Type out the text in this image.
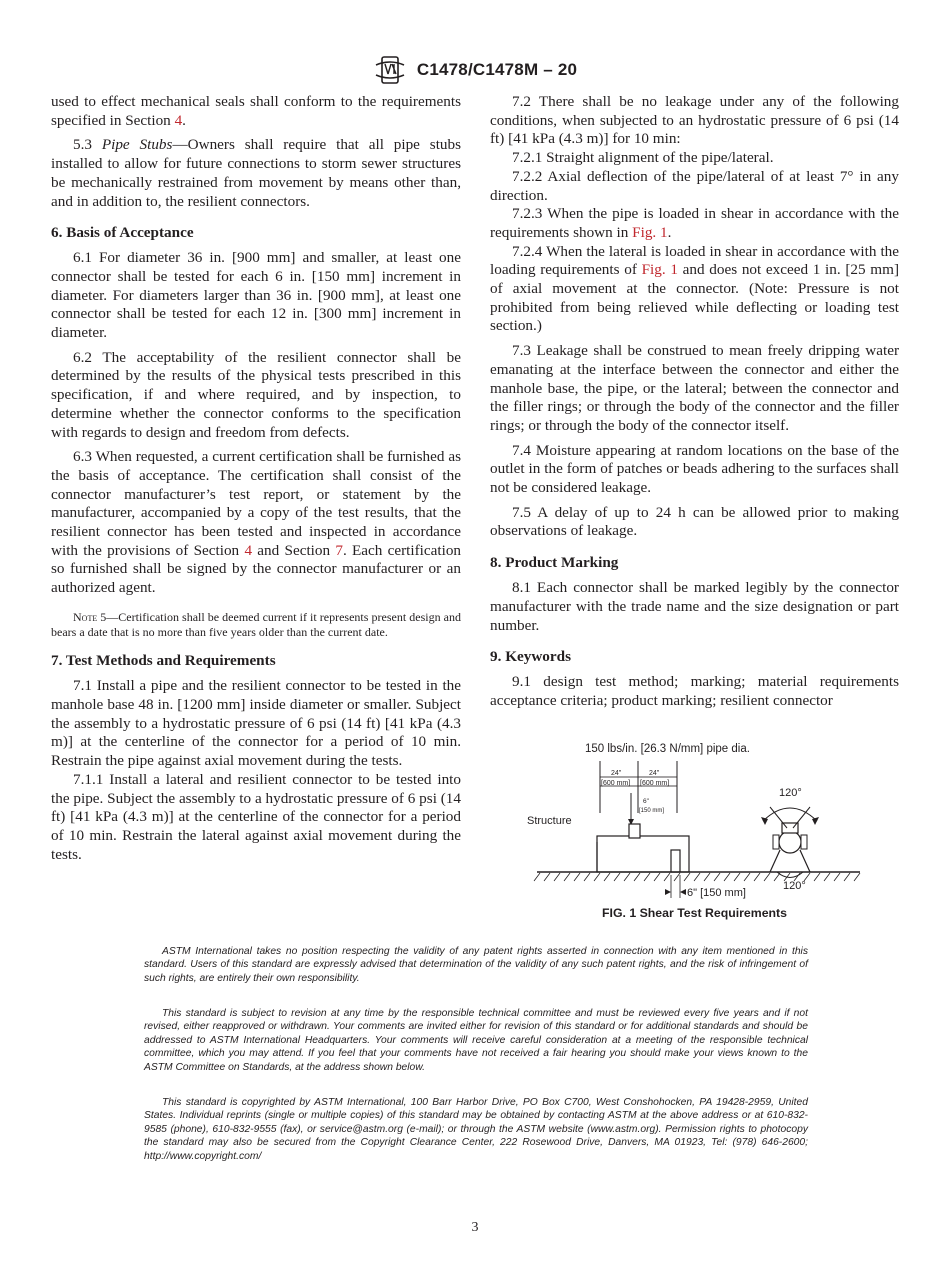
C1478/C1478M – 20

used to effect mechanical seals shall conform to the requirements specified in Section 4.

5.3 Pipe Stubs—Owners shall require that all pipe stubs installed to allow for future connections to storm sewer structures be mechanically restrained from movement by means other than, and in addition to, the resilient connectors.

6. Basis of Acceptance

6.1 For diameter 36 in. [900 mm] and smaller, at least one connector shall be tested for each 6 in. [150 mm] increment in diameter. For diameters larger than 36 in. [900 mm], at least one connector shall be tested for each 12 in. [300 mm] increment in diameter.

6.2 The acceptability of the resilient connector shall be determined by the results of the physical tests prescribed in this specification, if and where required, and by inspection, to determine whether the connector conforms to the specification with regards to design and freedom from defects.

6.3 When requested, a current certification shall be furnished as the basis of acceptance. The certification shall consist of the connector manufacturer’s test report, or statement by the manufacturer, accompanied by a copy of the test results, that the resilient connector has been tested and inspected in accordance with the provisions of Section 4 and Section 7. Each certification so furnished shall be signed by the connector manufacturer or an authorized agent.

Note 5—Certification shall be deemed current if it represents present design and bears a date that is no more than five years older than the current date.
7. Test Methods and Requirements

7.1 Install a pipe and the resilient connector to be tested in the manhole base 48 in. [1200 mm] inside diameter or smaller. Subject the assembly to a hydrostatic pressure of 6 psi (14 ft) [41 kPa (4.3 m)] at the centerline of the connector for a period of 10 min. Restrain the pipe against axial movement during the tests.

7.1.1 Install a lateral and resilient connector to be tested into the pipe. Subject the assembly to a hydrostatic pressure of 6 psi (14 ft) [41 kPa (4.3 m)] at the centerline of the connector for a period of 10 min. Restrain the lateral against axial movement during the tests.

7.2 There shall be no leakage under any of the following conditions, when subjected to an hydrostatic pressure of 6 psi (14 ft) [41 kPa (4.3 m)] for 10 min:

7.2.1 Straight alignment of the pipe/lateral.

7.2.2 Axial deflection of the pipe/lateral of at least 7° in any direction.

7.2.3 When the pipe is loaded in shear in accordance with the requirements shown in Fig. 1.

7.2.4 When the lateral is loaded in shear in accordance with the loading requirements of Fig. 1 and does not exceed 1 in. [25 mm] of axial movement at the connector. (Note: Pressure is not prohibited from being relieved while deflecting or loading test section.)

7.3 Leakage shall be construed to mean freely dripping water emanating at the interface between the connector and either the manhole base, the pipe, or the lateral; between the connector and the filler rings; or through the body of the connector and the filler rings; or through the body of the connector itself.

7.4 Moisture appearing at random locations on the base of the outlet in the form of patches or beads adhering to the surfaces shall not be considered leakage.

7.5 A delay of up to 24 h can be allowed prior to making observations of leakage.

8. Product Marking

8.1 Each connector shall be marked legibly by the connector manufacturer with the trade name and the size designation or part number.

9. Keywords

9.1 design test method; marking; material requirements acceptance criteria; product marking; resilient connector

150 lbs/in. [26.3 N/mm] pipe dia.
24"
[600 mm]
24"
[600 mm]
6"
[150 mm]
Structure
6" [150 mm]
120°
120°
FIG. 1 Shear Test Requirements

ASTM International takes no position respecting the validity of any patent rights asserted in connection with any item mentioned in this standard. Users of this standard are expressly advised that determination of the validity of any such patent rights, and the risk of infringement of such rights, are entirely their own responsibility.

This standard is subject to revision at any time by the responsible technical committee and must be reviewed every five years and if not revised, either reapproved or withdrawn. Your comments are invited either for revision of this standard or for additional standards and should be addressed to ASTM International Headquarters. Your comments will receive careful consideration at a meeting of the responsible technical committee, which you may attend. If you feel that your comments have not received a fair hearing you should make your views known to the ASTM Committee on Standards, at the address shown below.

This standard is copyrighted by ASTM International, 100 Barr Harbor Drive, PO Box C700, West Conshohocken, PA 19428-2959, United States. Individual reprints (single or multiple copies) of this standard may be obtained by contacting ASTM at the above address or at 610-832-9585 (phone), 610-832-9555 (fax), or service@astm.org (e-mail); or through the ASTM website (www.astm.org). Permission rights to photocopy the standard may also be secured from the Copyright Clearance Center, 222 Rosewood Drive, Danvers, MA 01923, Tel: (978) 646-2600; http://www.copyright.com/

3
